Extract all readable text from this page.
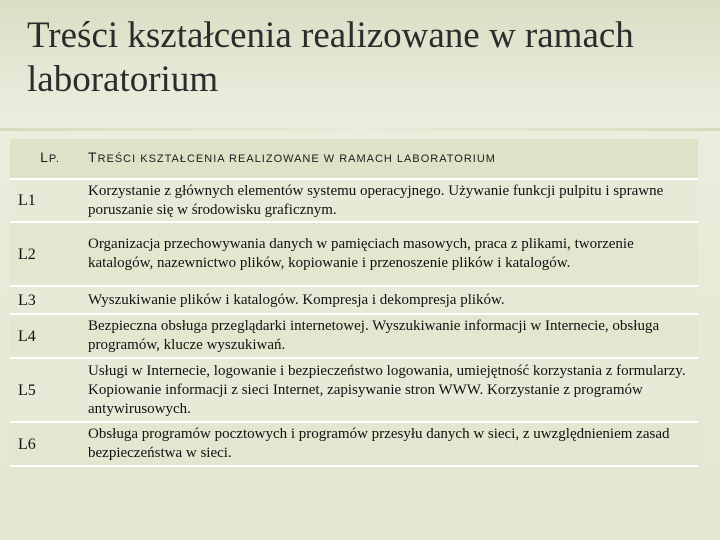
Treści kształcenia realizowane w ramach laboratorium
LP.	TREŚCI KSZTAŁCENIA REALIZOWANE W RAMACH LABORATORIUM
L1	Korzystanie z głównych elementów systemu operacyjnego. Używanie funkcji pulpitu i sprawne poruszanie się w środowisku graficznym.
L2	Organizacja przechowywania danych w pamięciach masowych, praca z plikami, tworzenie katalogów, nazewnictwo plików, kopiowanie i przenoszenie plików i katalogów.
L3	Wyszukiwanie plików i katalogów. Kompresja i dekompresja plików.
L4	Bezpieczna obsługa przeglądarki internetowej. Wyszukiwanie informacji w Internecie, obsługa programów, klucze wyszukiwań.
L5	Usługi w Internecie, logowanie i bezpieczeństwo logowania, umiejętność korzystania z formularzy. Kopiowanie informacji z sieci Internet, zapisywanie stron WWW. Korzystanie z programów antywirusowych.
L6	Obsługa programów pocztowych i programów przesyłu danych w sieci, z uwzględnieniem zasad bezpieczeństwa w sieci.
